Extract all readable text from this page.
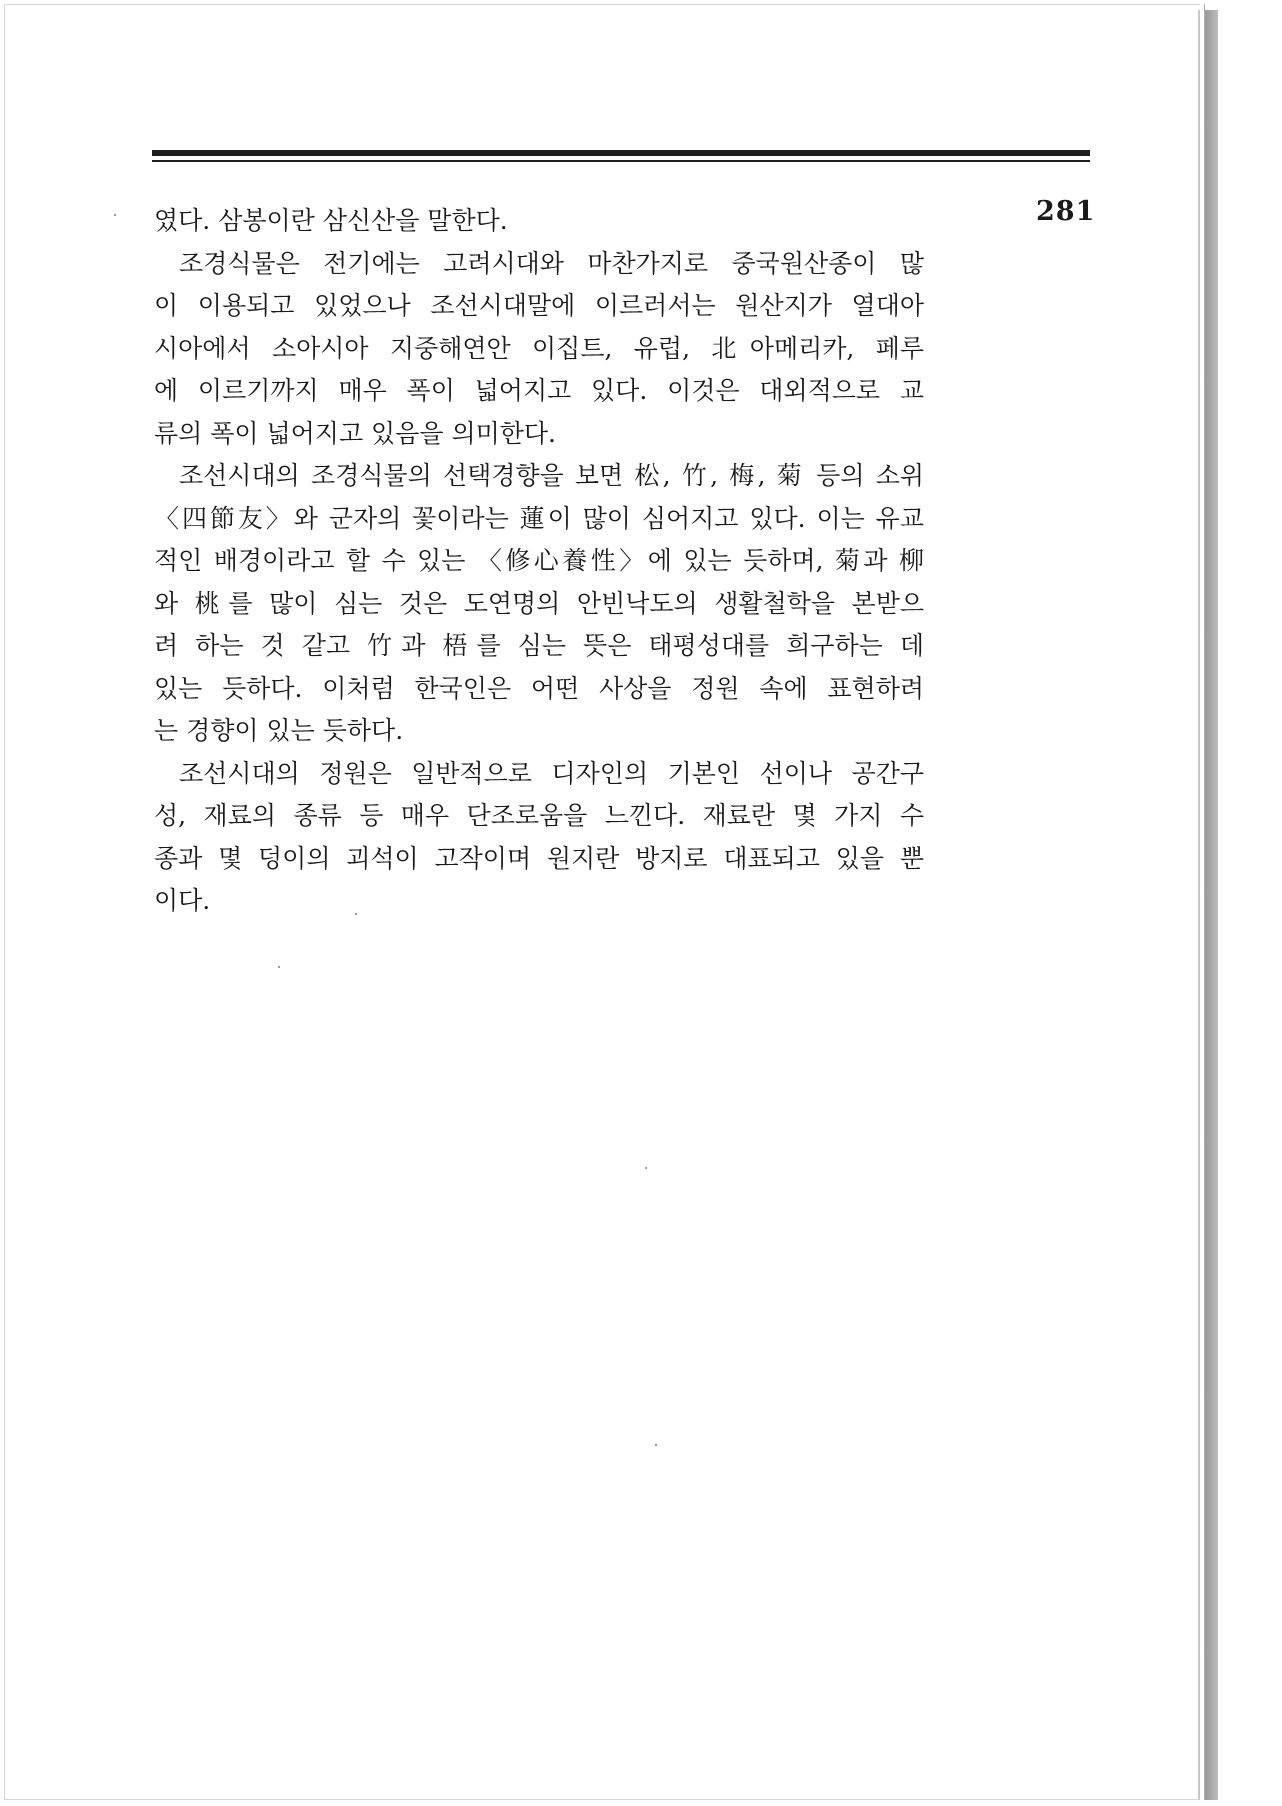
281
였다. 삼봉이란 삼신산을 말한다.
조경식물은 전기에는 고려시대와 마찬가지로 중국원산종이 많
이 이용되고 있었으나 조선시대말에 이르러서는 원산지가 열대아
시아에서 소아시아 지중해연안 이집트, 유럽, 北아메리카, 페루
에 이르기까지 매우 폭이 넓어지고 있다. 이것은 대외적으로 교
류의 폭이 넓어지고 있음을 의미한다.
조선시대의 조경식물의 선택경향을 보면 松, 竹, 梅, 菊 등의 소위
〈四節友〉와 군자의 꽃이라는 蓮이 많이 심어지고 있다. 이는 유교
적인 배경이라고 할 수 있는 〈修心養性〉에 있는 듯하며, 菊과 柳
와 桃를 많이 심는 것은 도연명의 안빈낙도의 생활철학을 본받으
려 하는 것 같고 竹과 梧를 심는 뜻은 태평성대를 희구하는 데
있는 듯하다. 이처럼 한국인은 어떤 사상을 정원 속에 표현하려
는 경향이 있는 듯하다.
조선시대의 정원은 일반적으로 디자인의 기본인 선이나 공간구
성, 재료의 종류 등 매우 단조로움을 느낀다. 재료란 몇 가지 수
종과 몇 덩이의 괴석이 고작이며 원지란 방지로 대표되고 있을 뿐
이다.
